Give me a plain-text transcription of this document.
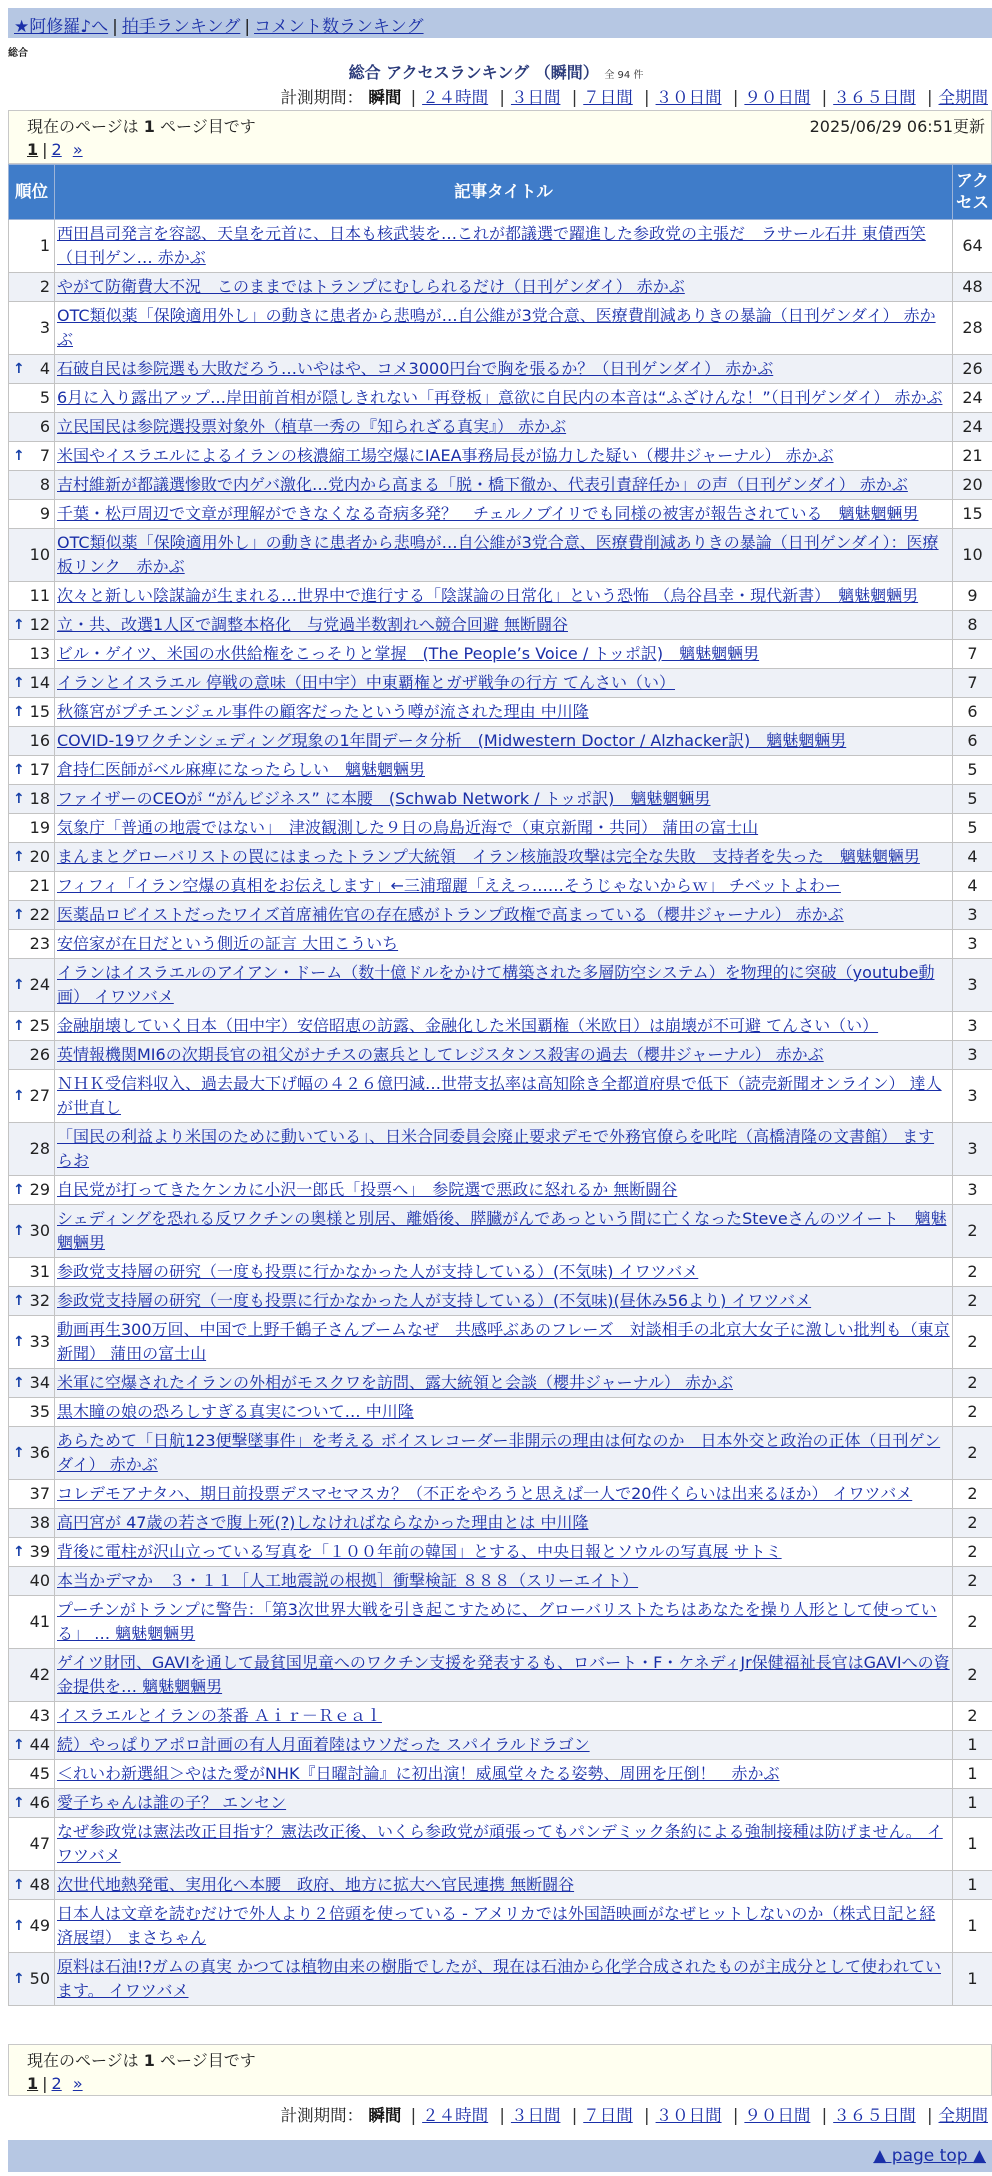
★阿修羅♪へ | 拍手ランキング | コメント数ランキング
総合
総合 アクセスランキング （瞬間） 全 94 件
計測期間： 瞬間 | ２４時間 | ３日間 | ７日間 | ３０日間 | ９０日間 | ３６５日間 | 全期間
現在のページは 1 ページ目です	2025/06/29 06:51更新
1 | 2 »
順位	記事タイトル	アクセス
1	西田昌司発言を容認、天皇を元首に、日本も核武装を…これが都議選で躍進した参政党の主張だ　ラサール石井 東債西笑（日刊ゲン… 赤かぶ	64
2	やがて防衛費大不況　このままではトランプにむしられるだけ（日刊ゲンダイ） 赤かぶ	48
3	OTC類似薬「保険適用外し」の動きに患者から悲鳴が…自公維が3党合意、医療費削減ありきの暴論（日刊ゲンダイ） 赤かぶ	28

↑ 4	石破自民は参院選も大敗だろう…いやはや、コメ3000円台で胸を張るか？（日刊ゲンダイ） 赤かぶ	26
5	6月に入り露出アップ…岸田前首相が隠しきれない「再登板」意欲に自民内の本音は“ふざけんな！”（日刊ゲンダイ） 赤かぶ	24
6	立民国民は参院選投票対象外（植草一秀の『知られざる真実』） 赤かぶ	24

↑ 7	米国やイスラエルによるイランの核濃縮工場空爆にIAEA事務局長が協力した疑い（櫻井ジャーナル） 赤かぶ	21
8	吉村維新が都議選惨敗で内ゲバ激化…党内から高まる「脱・橋下徹か、代表引責辞任か」の声（日刊ゲンダイ） 赤かぶ	20
9	千葉・松戸周辺で文章が理解ができなくなる奇病多発？　チェルノブイリでも同様の被害が報告されている　魑魅魍魎男	15
10	OTC類似薬「保険適用外し」の動きに患者から悲鳴が…自公維が3党合意、医療費削減ありきの暴論（日刊ゲンダイ）：医療板リンク　赤かぶ	10
11	次々と新しい陰謀論が生まれる…世界中で進行する「陰謀論の日常化」という恐怖 （烏谷昌幸・現代新書）　魑魅魍魎男	9

↑ 12	立・共、改選1人区で調整本格化　与党過半数割れへ競合回避 無断闘谷	8
13	ビル・ゲイツ、米国の水供給権をこっそりと掌握　(The People’s Voice / トッポ訳)　魑魅魍魎男	7

↑ 14	イランとイスラエル 停戦の意味（田中宇）中東覇権とガザ戦争の行方 てんさい（い）	7

↑ 15	秋篠宮がプチエンジェル事件の顧客だったという噂が流された理由 中川隆	6
16	COVID-19ワクチンシェディング現象の1年間データ分析　(Midwestern Doctor / Alzhacker訳)　魑魅魍魎男	6

↑ 17	倉持仁医師がベル麻痺になったらしい　魑魅魍魎男	5

↑ 18	ファイザーのCEOが “がんビジネス” に本腰　(Schwab Network / トッポ訳)　魑魅魍魎男	5
19	気象庁「普通の地震ではない」　津波観測した９日の鳥島近海で（東京新聞・共同） 蒲田の富士山	5

↑ 20	まんまとグローバリストの罠にはまったトランプ大統領　イラン核施設攻撃は完全な失敗　支持者を失った　魑魅魍魎男	4
21	フィフィ「イラン空爆の真相をお伝えします」←三浦瑠麗「ええっ……そうじゃないからｗ」 チベットよわー	4

↑ 22	医薬品ロビイストだったワイズ首席補佐官の存在感がトランプ政権で高まっている（櫻井ジャーナル） 赤かぶ	3
23	安倍家が在日だという側近の証言 大田こういち	3

↑ 24	イランはイスラエルのアイアン・ドーム（数十億ドルをかけて構築された多層防空システム）を物理的に突破（youtube動画） イワツバメ	3

↑ 25	金融崩壊していく日本（田中宇）安倍昭恵の訪露、金融化した米国覇権（米欧日）は崩壊が不可避 てんさい（い）	3
26	英情報機関MI6の次期長官の祖父がナチスの憲兵としてレジスタンス殺害の過去（櫻井ジャーナル） 赤かぶ	3

↑ 27	ＮＨＫ受信料収入、過去最大下げ幅の４２６億円減…世帯支払率は高知除き全都道府県で低下（読売新聞オンライン） 達人が世直し	3
28	「国民の利益より米国のために動いている」、日米合同委員会廃止要求デモで外務官僚らを叱咤（高橋清隆の文書館） ますらお	3

↑ 29	自民党が打ってきたケンカに小沢一郎氏「投票へ」　参院選で悪政に怒れるか 無断闘谷	3

↑ 30	シェディングを恐れる反ワクチンの奥様と別居、離婚後、膵臓がんであっという間に亡くなったSteveさんのツイート　魑魅魍魎男	2
31	参政党支持層の研究（一度も投票に行かなかった人が支持している）(不気味) イワツバメ	2

↑ 32	参政党支持層の研究（一度も投票に行かなかった人が支持している）(不気味)(昼休み56より) イワツバメ	2

↑ 33	動画再生300万回、中国で上野千鶴子さんブームなぜ　共感呼ぶあのフレーズ　対談相手の北京大女子に激しい批判も（東京新聞） 蒲田の富士山	2

↑ 34	米軍に空爆されたイランの外相がモスクワを訪問、露大統領と会談（櫻井ジャーナル） 赤かぶ	2
35	黒木瞳の娘の恐ろしすぎる真実について… 中川隆	2

↑ 36	あらためて「日航123便撃墜事件」を考える ボイスレコーダー非開示の理由は何なのか　日本外交と政治の正体（日刊ゲンダイ） 赤かぶ	2
37	コレデモアナタハ、期日前投票デスマセマスカ？（不正をやろうと思えば一人で20件くらいは出来るほか） イワツバメ	2
38	高円宮が 47歳の若さで腹上死(?)しなければならなかった理由とは 中川隆	2

↑ 39	背後に電柱が沢山立っている写真を「１００年前の韓国」とする、中央日報とソウルの写真展 サトミ	2
40	本当かデマか　３・１１［人工地震説の根拠］衝撃検証 ８８８（スリーエイト）	2
41	プーチンがトランプに警告：「第3次世界大戦を引き起こすために、グローバリストたちはあなたを操り人形として使っている」 … 魑魅魍魎男	2
42	ゲイツ財団、GAVIを通して最貧国児童へのワクチン支援を発表するも、ロバート・F・ケネディJr保健福祉長官はGAVIへの資金提供を… 魑魅魍魎男	2
43	イスラエルとイランの茶番 Ａｉｒ－Ｒｅａｌ	2

↑ 44	続）やっぱりアポロ計画の有人月面着陸はウソだった スパイラルドラゴン	1
45	＜れいわ新選組＞やはた愛がNHK『日曜討論』に初出演！威風堂々たる姿勢、周囲を圧倒！　赤かぶ	1

↑ 46	愛子ちゃんは誰の子？ エンセン	1
47	なぜ参政党は憲法改正目指す？憲法改正後、いくら参政党が頑張ってもパンデミック条約による強制接種は防げません。 イワツバメ	1

↑ 48	次世代地熱発電、実用化へ本腰　政府、地方に拡大へ官民連携 無断闘谷	1

↑ 49	日本人は文章を読むだけで外人より２倍頭を使っている - アメリカでは外国語映画がなぜヒットしないのか（株式日記と経済展望） まさちゃん	1

↑ 50	原料は石油!?ガムの真実 かつては植物由来の樹脂でしたが、現在は石油から化学合成されたものが主成分として使われています。 イワツバメ	1
現在のページは 1 ページ目です
1 | 2 »
計測期間： 瞬間 | ２４時間 | ３日間 | ７日間 | ３０日間 | ９０日間 | ３６５日間 | 全期間
▲ page top ▲
